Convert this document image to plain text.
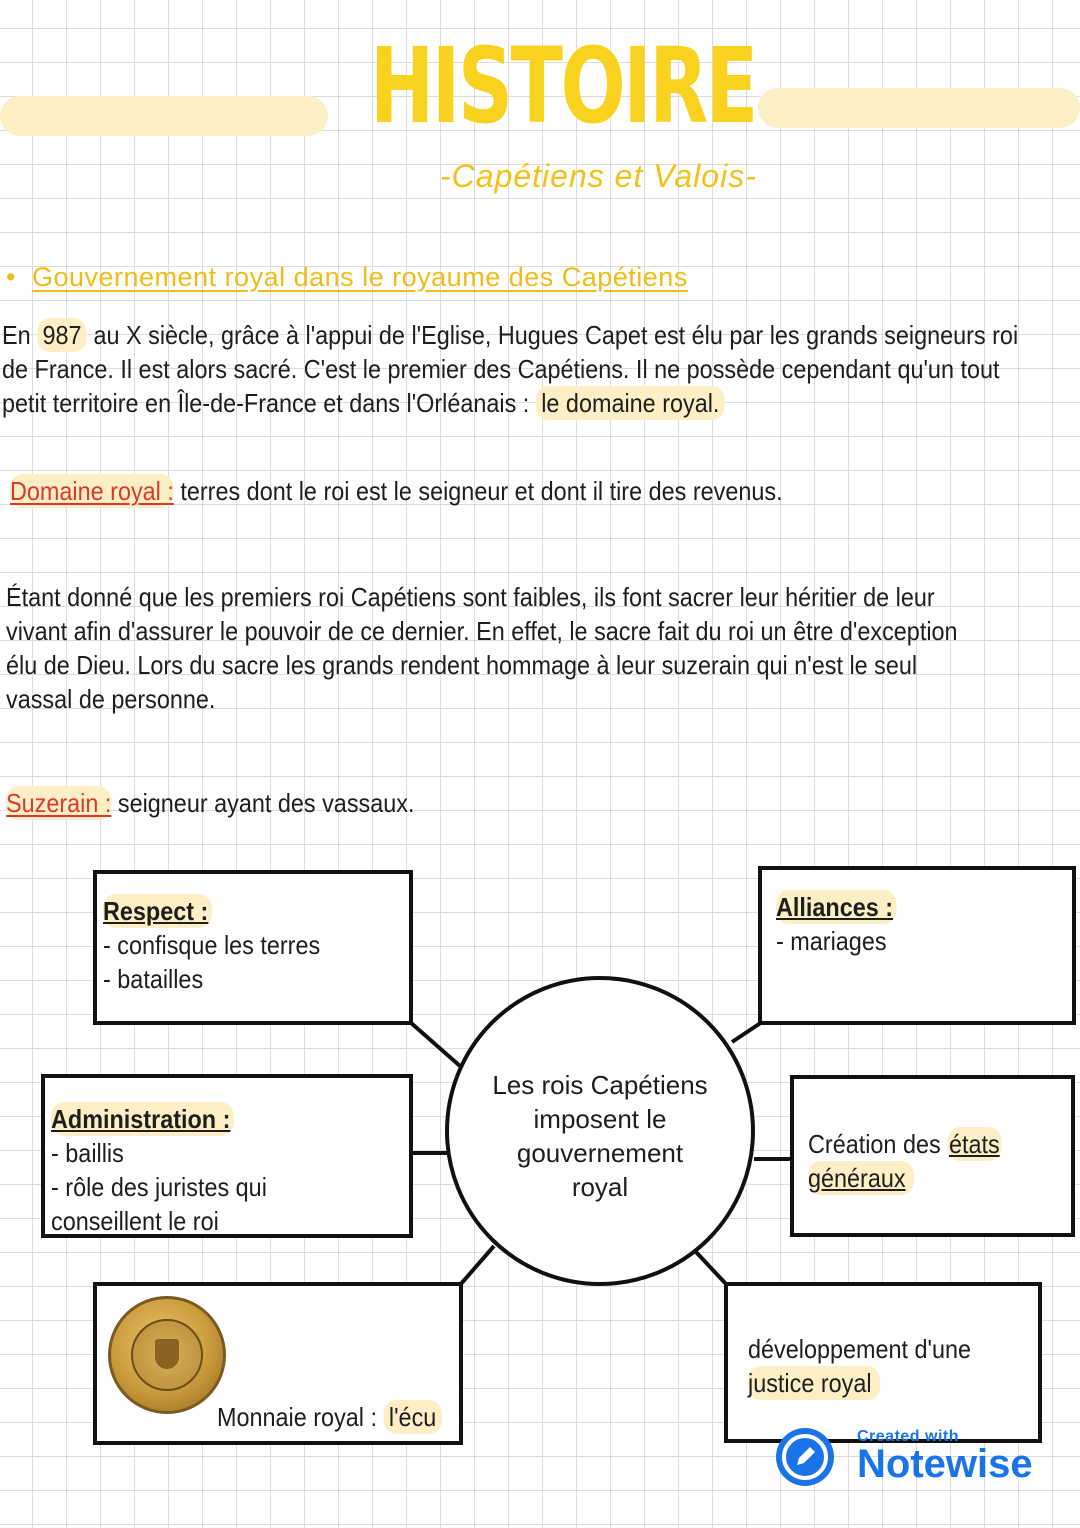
HISTOIRE
-Capétiens et Valois-
• Gouvernement royal dans le royaume des Capétiens
En 987 au X siècle, grâce à l'appui de l'Eglise, Hugues Capet est élu par les grands seigneurs roi
de France. Il est alors sacré. C'est le premier des Capétiens. Il ne possède cependant qu'un tout
petit territoire en Île-de-France et dans l'Orléanais : le domaine royal.
Domaine royal : terres dont le roi est le seigneur et dont il tire des revenus.
Étant donné que les premiers roi Capétiens sont faibles, ils font sacrer leur héritier de leur
vivant afin d'assurer le pouvoir de ce dernier. En effet, le sacre fait du roi un être d'exception
élu de Dieu. Lors du sacre les grands rendent hommage à leur suzerain qui n'est le seul
vassal de personne.
Suzerain : seigneur ayant des vassaux.
Respect :
- confisque les terres
- batailles
Alliances :
- mariages
Administration :
- baillis
- rôle des juristes qui
conseillent le roi
Création des états
généraux
Monnaie royal : l'écu
développement d'une
justice royal
Les rois Capétiens
imposent le
gouvernement
royal
Created with
Notewise
